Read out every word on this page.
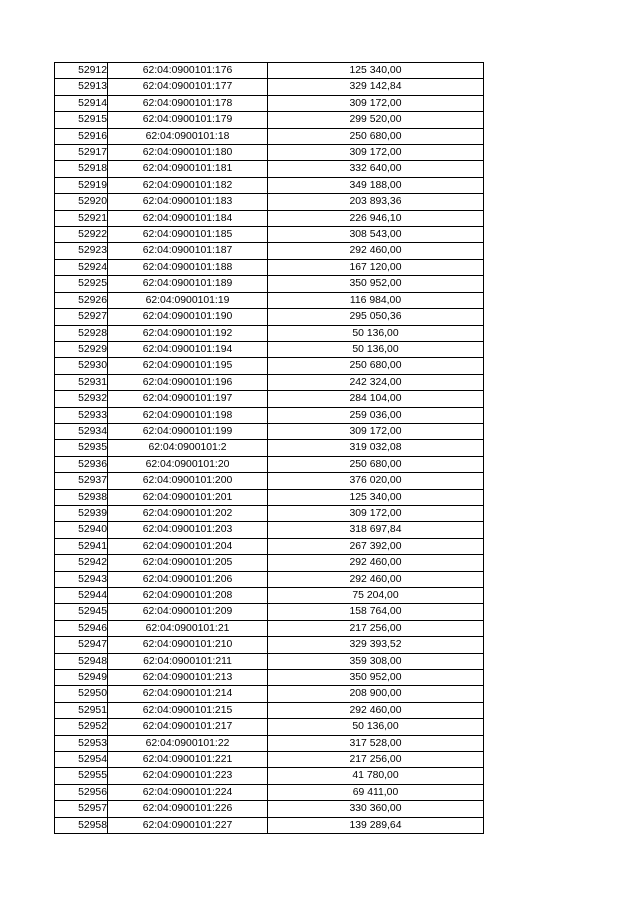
52912	62:04:0900101:176	125 340,00
52913	62:04:0900101:177	329 142,84
52914	62:04:0900101:178	309 172,00
52915	62:04:0900101:179	299 520,00
52916	62:04:0900101:18	250 680,00
52917	62:04:0900101:180	309 172,00
52918	62:04:0900101:181	332 640,00
52919	62:04:0900101:182	349 188,00
52920	62:04:0900101:183	203 893,36
52921	62:04:0900101:184	226 946,10
52922	62:04:0900101:185	308 543,00
52923	62:04:0900101:187	292 460,00
52924	62:04:0900101:188	167 120,00
52925	62:04:0900101:189	350 952,00
52926	62:04:0900101:19	116 984,00
52927	62:04:0900101:190	295 050,36
52928	62:04:0900101:192	50 136,00
52929	62:04:0900101:194	50 136,00
52930	62:04:0900101:195	250 680,00
52931	62:04:0900101:196	242 324,00
52932	62:04:0900101:197	284 104,00
52933	62:04:0900101:198	259 036,00
52934	62:04:0900101:199	309 172,00
52935	62:04:0900101:2	319 032,08
52936	62:04:0900101:20	250 680,00
52937	62:04:0900101:200	376 020,00
52938	62:04:0900101:201	125 340,00
52939	62:04:0900101:202	309 172,00
52940	62:04:0900101:203	318 697,84
52941	62:04:0900101:204	267 392,00
52942	62:04:0900101:205	292 460,00
52943	62:04:0900101:206	292 460,00
52944	62:04:0900101:208	75 204,00
52945	62:04:0900101:209	158 764,00
52946	62:04:0900101:21	217 256,00
52947	62:04:0900101:210	329 393,52
52948	62:04:0900101:211	359 308,00
52949	62:04:0900101:213	350 952,00
52950	62:04:0900101:214	208 900,00
52951	62:04:0900101:215	292 460,00
52952	62:04:0900101:217	50 136,00
52953	62:04:0900101:22	317 528,00
52954	62:04:0900101:221	217 256,00
52955	62:04:0900101:223	41 780,00
52956	62:04:0900101:224	69 411,00
52957	62:04:0900101:226	330 360,00
52958	62:04:0900101:227	139 289,64
